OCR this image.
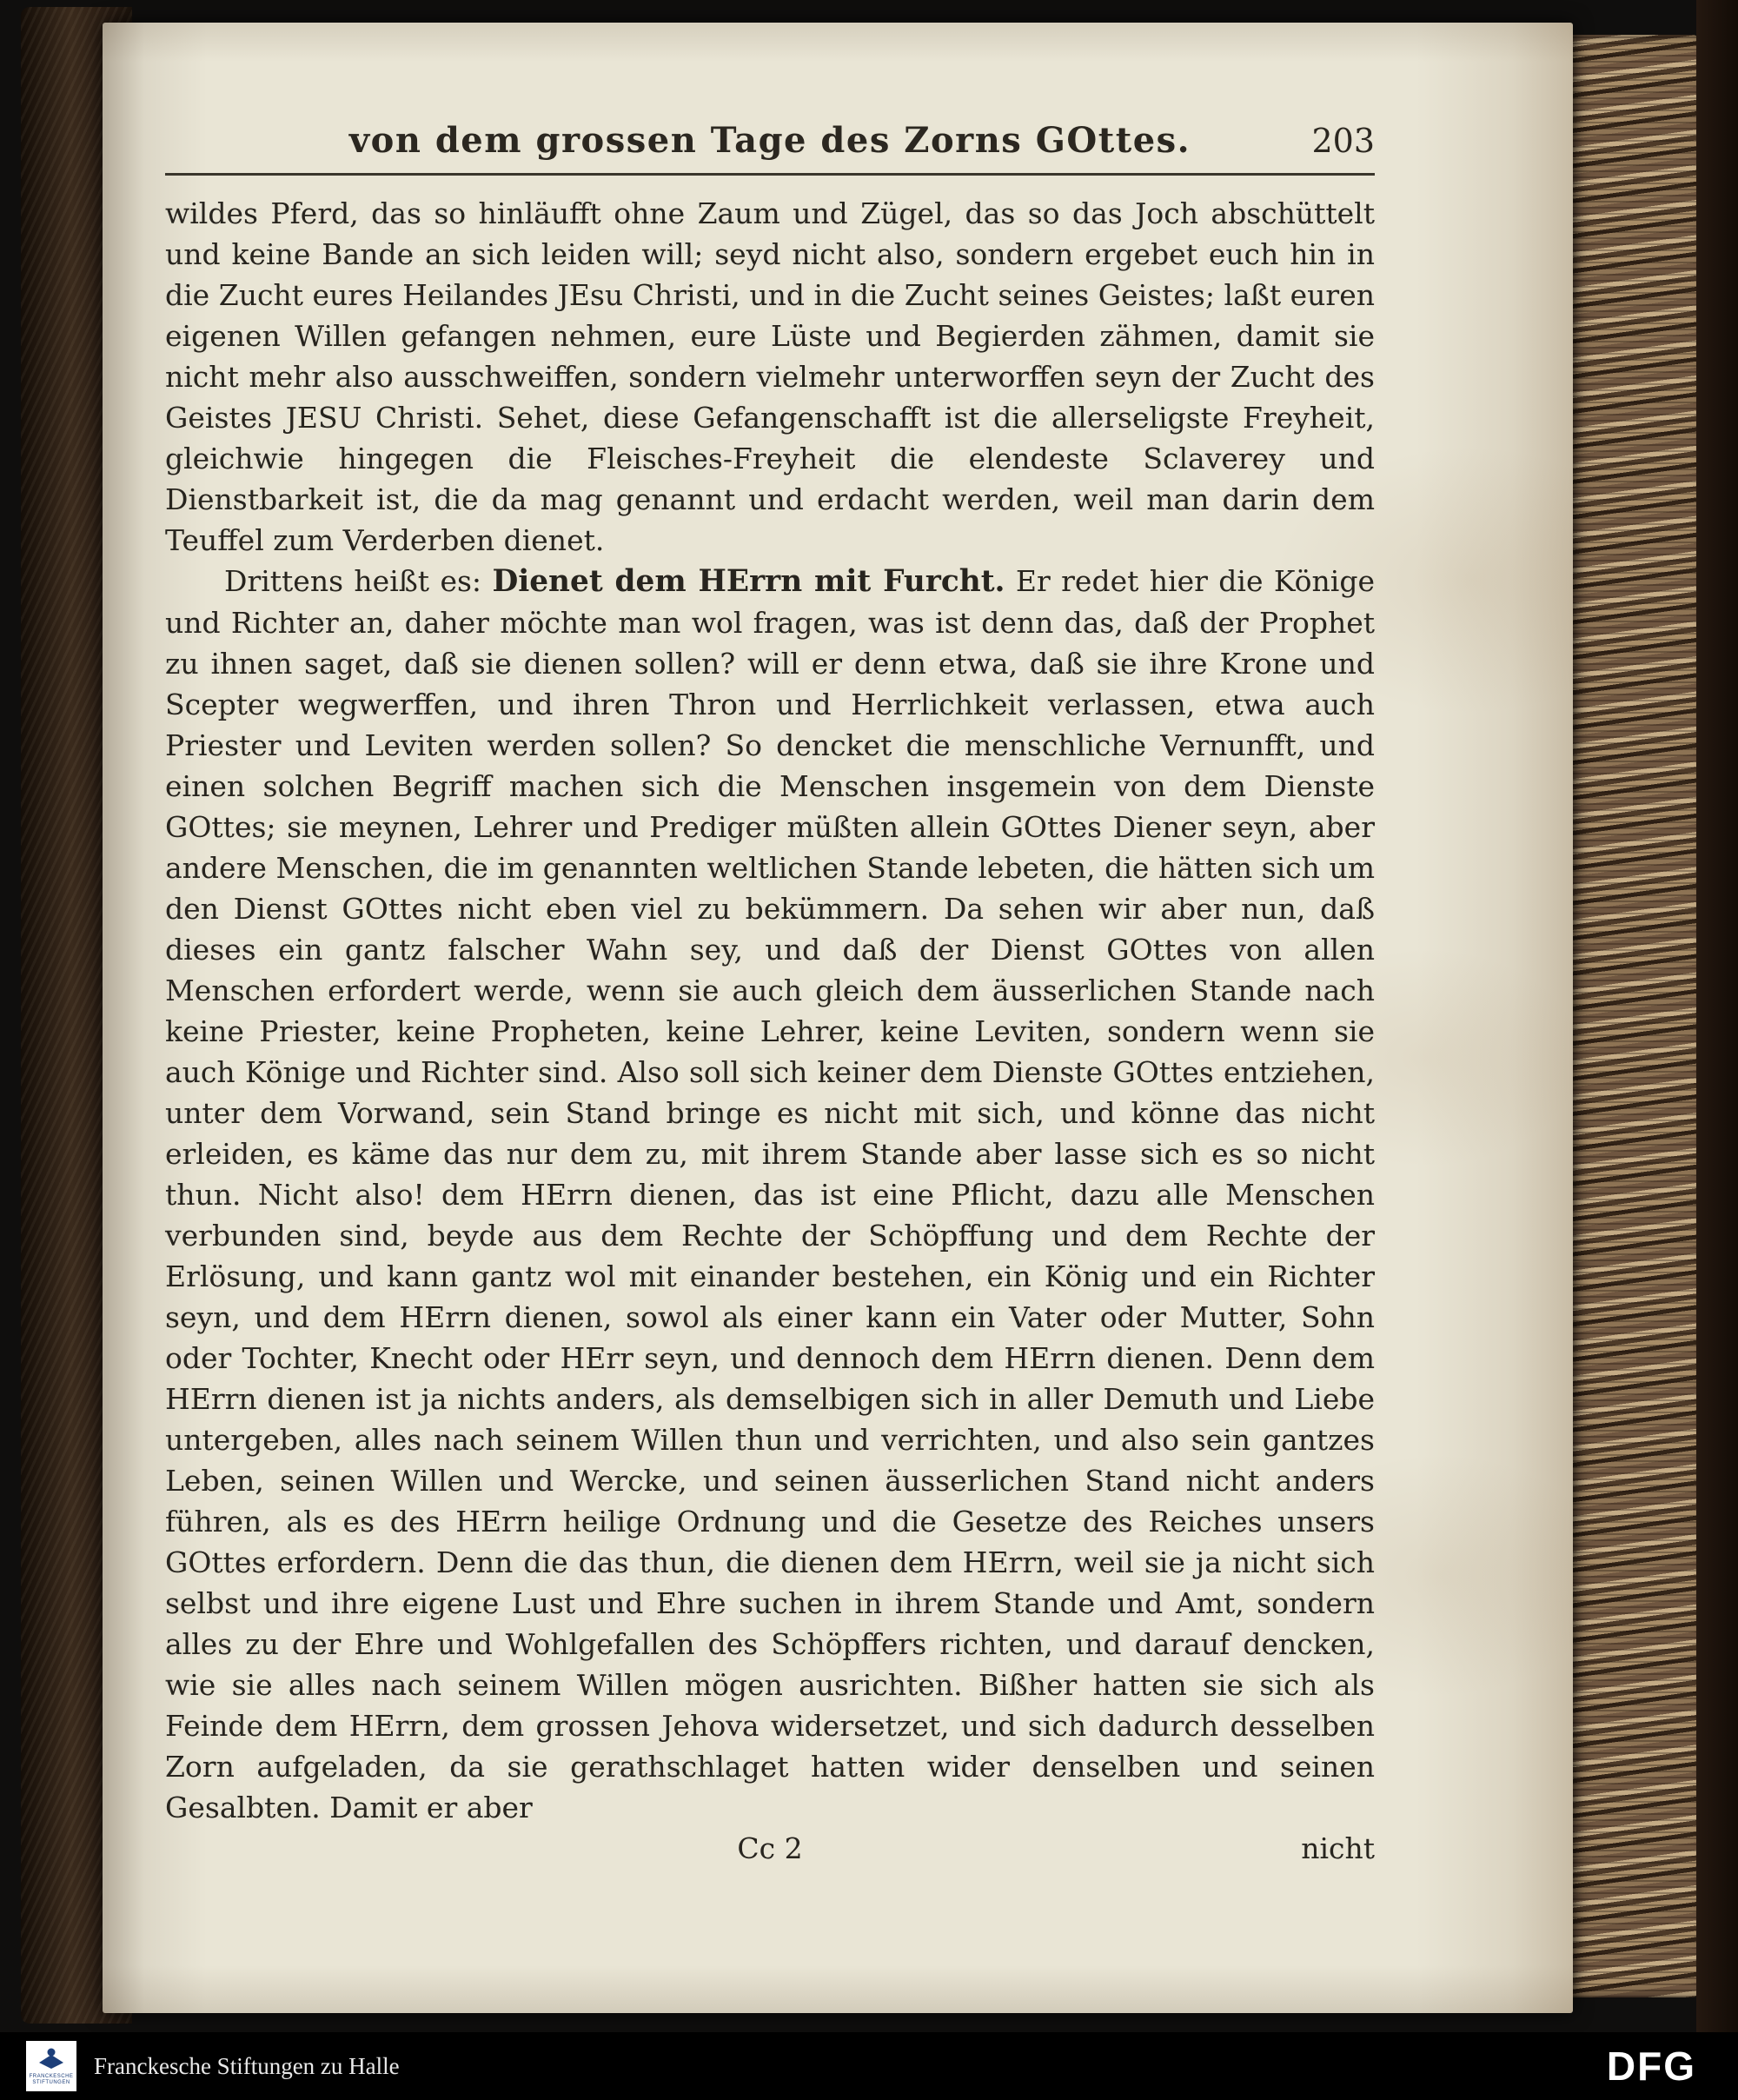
von dem grossen Tage des Zorns GOttes.	203

wildes Pferd, das so hinläufft ohne Zaum und Zügel, das so das Joch abschüttelt und keine Bande an sich leiden will; seyd nicht also, sondern ergebet euch hin in die Zucht eures Heilandes JEsu Christi, und in die Zucht seines Geistes; laßt euren eigenen Willen gefangen nehmen, eure Lüste und Begierden zähmen, damit sie nicht mehr also ausschweiffen, sondern vielmehr unterworffen seyn der Zucht des Geistes JESU Christi. Sehet, diese Gefangenschafft ist die allerseligste Freyheit, gleichwie hingegen die Fleisches-Freyheit die elendeste Sclaverey und Dienstbarkeit ist, die da mag genannt und erdacht werden, weil man darin dem Teuffel zum Verderben dienet.

Drittens heißt es: Dienet dem HErrn mit Furcht. Er redet hier die Könige und Richter an, daher möchte man wol fragen, was ist denn das, daß der Prophet zu ihnen saget, daß sie dienen sollen? will er denn etwa, daß sie ihre Krone und Scepter wegwerffen, und ihren Thron und Herrlichkeit verlassen, etwa auch Priester und Leviten werden sollen? So dencket die menschliche Vernunfft, und einen solchen Begriff machen sich die Menschen insgemein von dem Dienste GOttes; sie meynen, Lehrer und Prediger müßten allein GOttes Diener seyn, aber andere Menschen, die im genannten weltlichen Stande lebeten, die hätten sich um den Dienst GOttes nicht eben viel zu bekümmern. Da sehen wir aber nun, daß dieses ein gantz falscher Wahn sey, und daß der Dienst GOttes von allen Menschen erfordert werde, wenn sie auch gleich dem äusserlichen Stande nach keine Priester, keine Propheten, keine Lehrer, keine Leviten, sondern wenn sie auch Könige und Richter sind. Also soll sich keiner dem Dienste GOttes entziehen, unter dem Vorwand, sein Stand bringe es nicht mit sich, und könne das nicht erleiden, es käme das nur dem zu, mit ihrem Stande aber lasse sich es so nicht thun. Nicht also! dem HErrn dienen, das ist eine Pflicht, dazu alle Menschen verbunden sind, beyde aus dem Rechte der Schöpffung und dem Rechte der Erlösung, und kann gantz wol mit einander bestehen, ein König und ein Richter seyn, und dem HErrn dienen, sowol als einer kann ein Vater oder Mutter, Sohn oder Tochter, Knecht oder HErr seyn, und dennoch dem HErrn dienen. Denn dem HErrn dienen ist ja nichts anders, als demselbigen sich in aller Demuth und Liebe untergeben, alles nach seinem Willen thun und verrichten, und also sein gantzes Leben, seinen Willen und Wercke, und seinen äusserlichen Stand nicht anders führen, als es des HErrn heilige Ordnung und die Gesetze des Reiches unsers GOttes erfordern. Denn die das thun, die dienen dem HErrn, weil sie ja nicht sich selbst und ihre eigene Lust und Ehre suchen in ihrem Stande und Amt, sondern alles zu der Ehre und Wohlgefallen des Schöpffers richten, und darauf dencken, wie sie alles nach seinem Willen mögen ausrichten. Bißher hatten sie sich als Feinde dem HErrn, dem grossen Jehova widersetzet, und sich dadurch desselben Zorn aufgeladen, da sie gerathschlaget hatten wider denselben und seinen Gesalbten. Damit er aber

Cc 2	nicht
FRANCKESCHE STIFTUNGEN
Franckesche Stiftungen zu Halle	DFG
